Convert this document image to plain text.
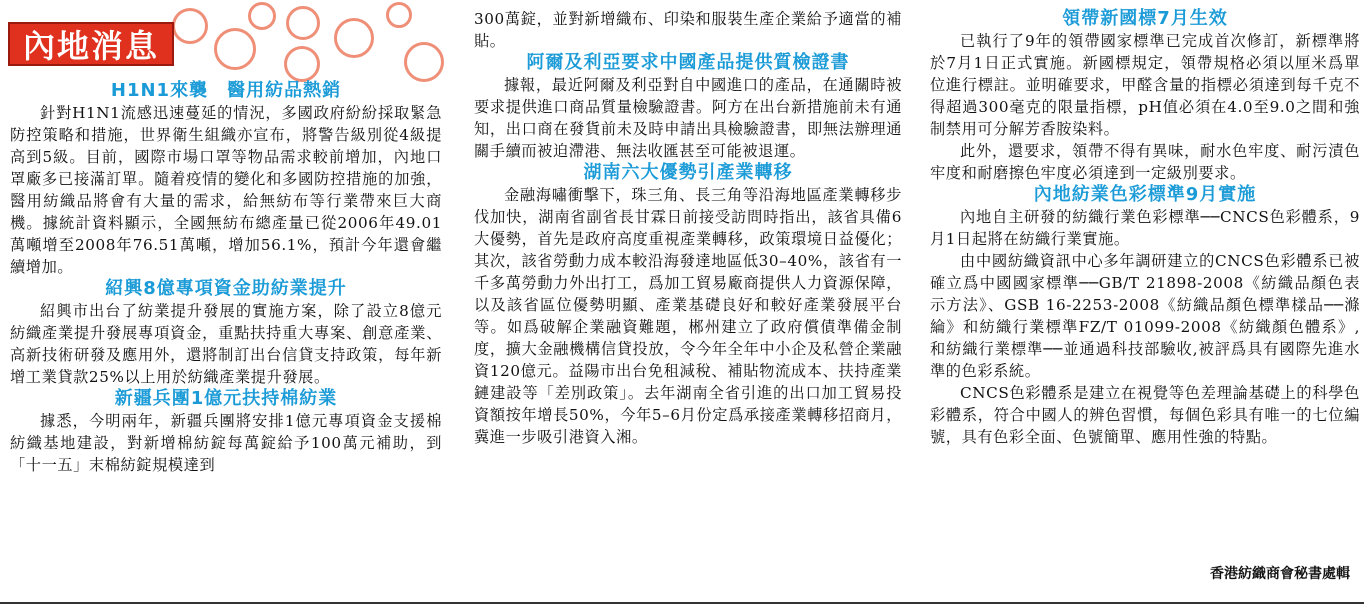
內地消息
H1N1來襲　醫用紡品熱銷

針對H1N1流感迅速蔓延的情況，多國政府紛紛採取緊急防控策略和措施，世界衛生組織亦宣布，將警告級別從4級提高到5級。目前，國際市場口罩等物品需求較前增加，內地口罩廠多已接滿訂單。隨着疫情的變化和多國防控措施的加強，醫用紡織品將會有大量的需求，給無紡布等行業帶來巨大商機。據統計資料顯示，全國無紡布總產量已從2006年49.01萬噸增至2008年76.51萬噸，增加56.1%，預計今年還會繼續增加。

紹興8億專項資金助紡業提升

紹興市出台了紡業提升發展的實施方案，除了設立8億元紡織產業提升發展專項資金，重點扶持重大專案、創意產業、高新技術研發及應用外，還將制訂出台信貸支持政策，每年新增工業貸款25%以上用於紡織產業提升發展。

新疆兵團1億元扶持棉紡業

據悉，今明兩年，新疆兵團將安排1億元專項資金支援棉紡織基地建設，對新增棉紡錠每萬錠給予100萬元補助，到「十一五」末棉紡錠規模達到

300萬錠，並對新增織布、印染和服裝生產企業給予適當的補貼。

阿爾及利亞要求中國產品提供質檢證書

據報，最近阿爾及利亞對自中國進口的產品，在通關時被要求提供進口商品質量檢驗證書。阿方在出台新措施前未有通知，出口商在發貨前未及時申請出具檢驗證書，即無法辦理通關手續而被迫滯港、無法收匯甚至可能被退運。

湖南六大優勢引產業轉移

金融海嘯衝擊下，珠三角、長三角等沿海地區產業轉移步伐加快，湖南省副省長甘霖日前接受訪問時指出，該省具備6大優勢，首先是政府高度重視產業轉移，政策環境日益優化；其次，該省勞動力成本較沿海發達地區低30–40%，該省有一千多萬勞動力外出打工，爲加工貿易廠商提供人力資源保障，以及該省區位優勢明顯、產業基礎良好和較好產業發展平台等。如爲破解企業融資難題，郴州建立了政府償債準備金制度，擴大金融機構信貸投放，令今年全年中小企及私營企業融資120億元。益陽市出台免租減稅、補貼物流成本、扶持產業鏈建設等「差別政策」。去年湖南全省引進的出口加工貿易投資額按年增長50%，今年5–6月份定爲承接產業轉移招商月，冀進一步吸引港資入湘。

領帶新國標7月生效

已執行了9年的領帶國家標準已完成首次修訂，新標準將於7月1日正式實施。新國標規定，領帶規格必須以厘米爲單位進行標註。並明確要求，甲醛含量的指標必須達到每千克不得超過300毫克的限量指標，pH值必須在4.0至9.0之間和強制禁用可分解芳香胺染料。

此外，還要求，領帶不得有異味，耐水色牢度、耐污漬色牢度和耐磨擦色牢度必須達到一定級別要求。

內地紡業色彩標準9月實施

內地自主研發的紡織行業色彩標準──CNCS色彩體系，9月1日起將在紡織行業實施。

由中國紡織資訊中心多年調研建立的CNCS色彩體系已被確立爲中國國家標準──GB/T 21898-2008《紡織品顏色表示方法》、GSB 16-2253-2008《紡織品顏色標準樣品──滌綸》和紡織行業標準FZ/T 01099-2008《紡織顏色體系》,和紡織行業標準──並通過科技部驗收,被評爲具有國際先進水準的色彩系統。

CNCS色彩體系是建立在視覺等色差理論基礎上的科學色彩體系，符合中國人的辨色習慣，每個色彩具有唯一的七位編號，具有色彩全面、色號簡單、應用性強的特點。

香港紡織商會秘書處輯
